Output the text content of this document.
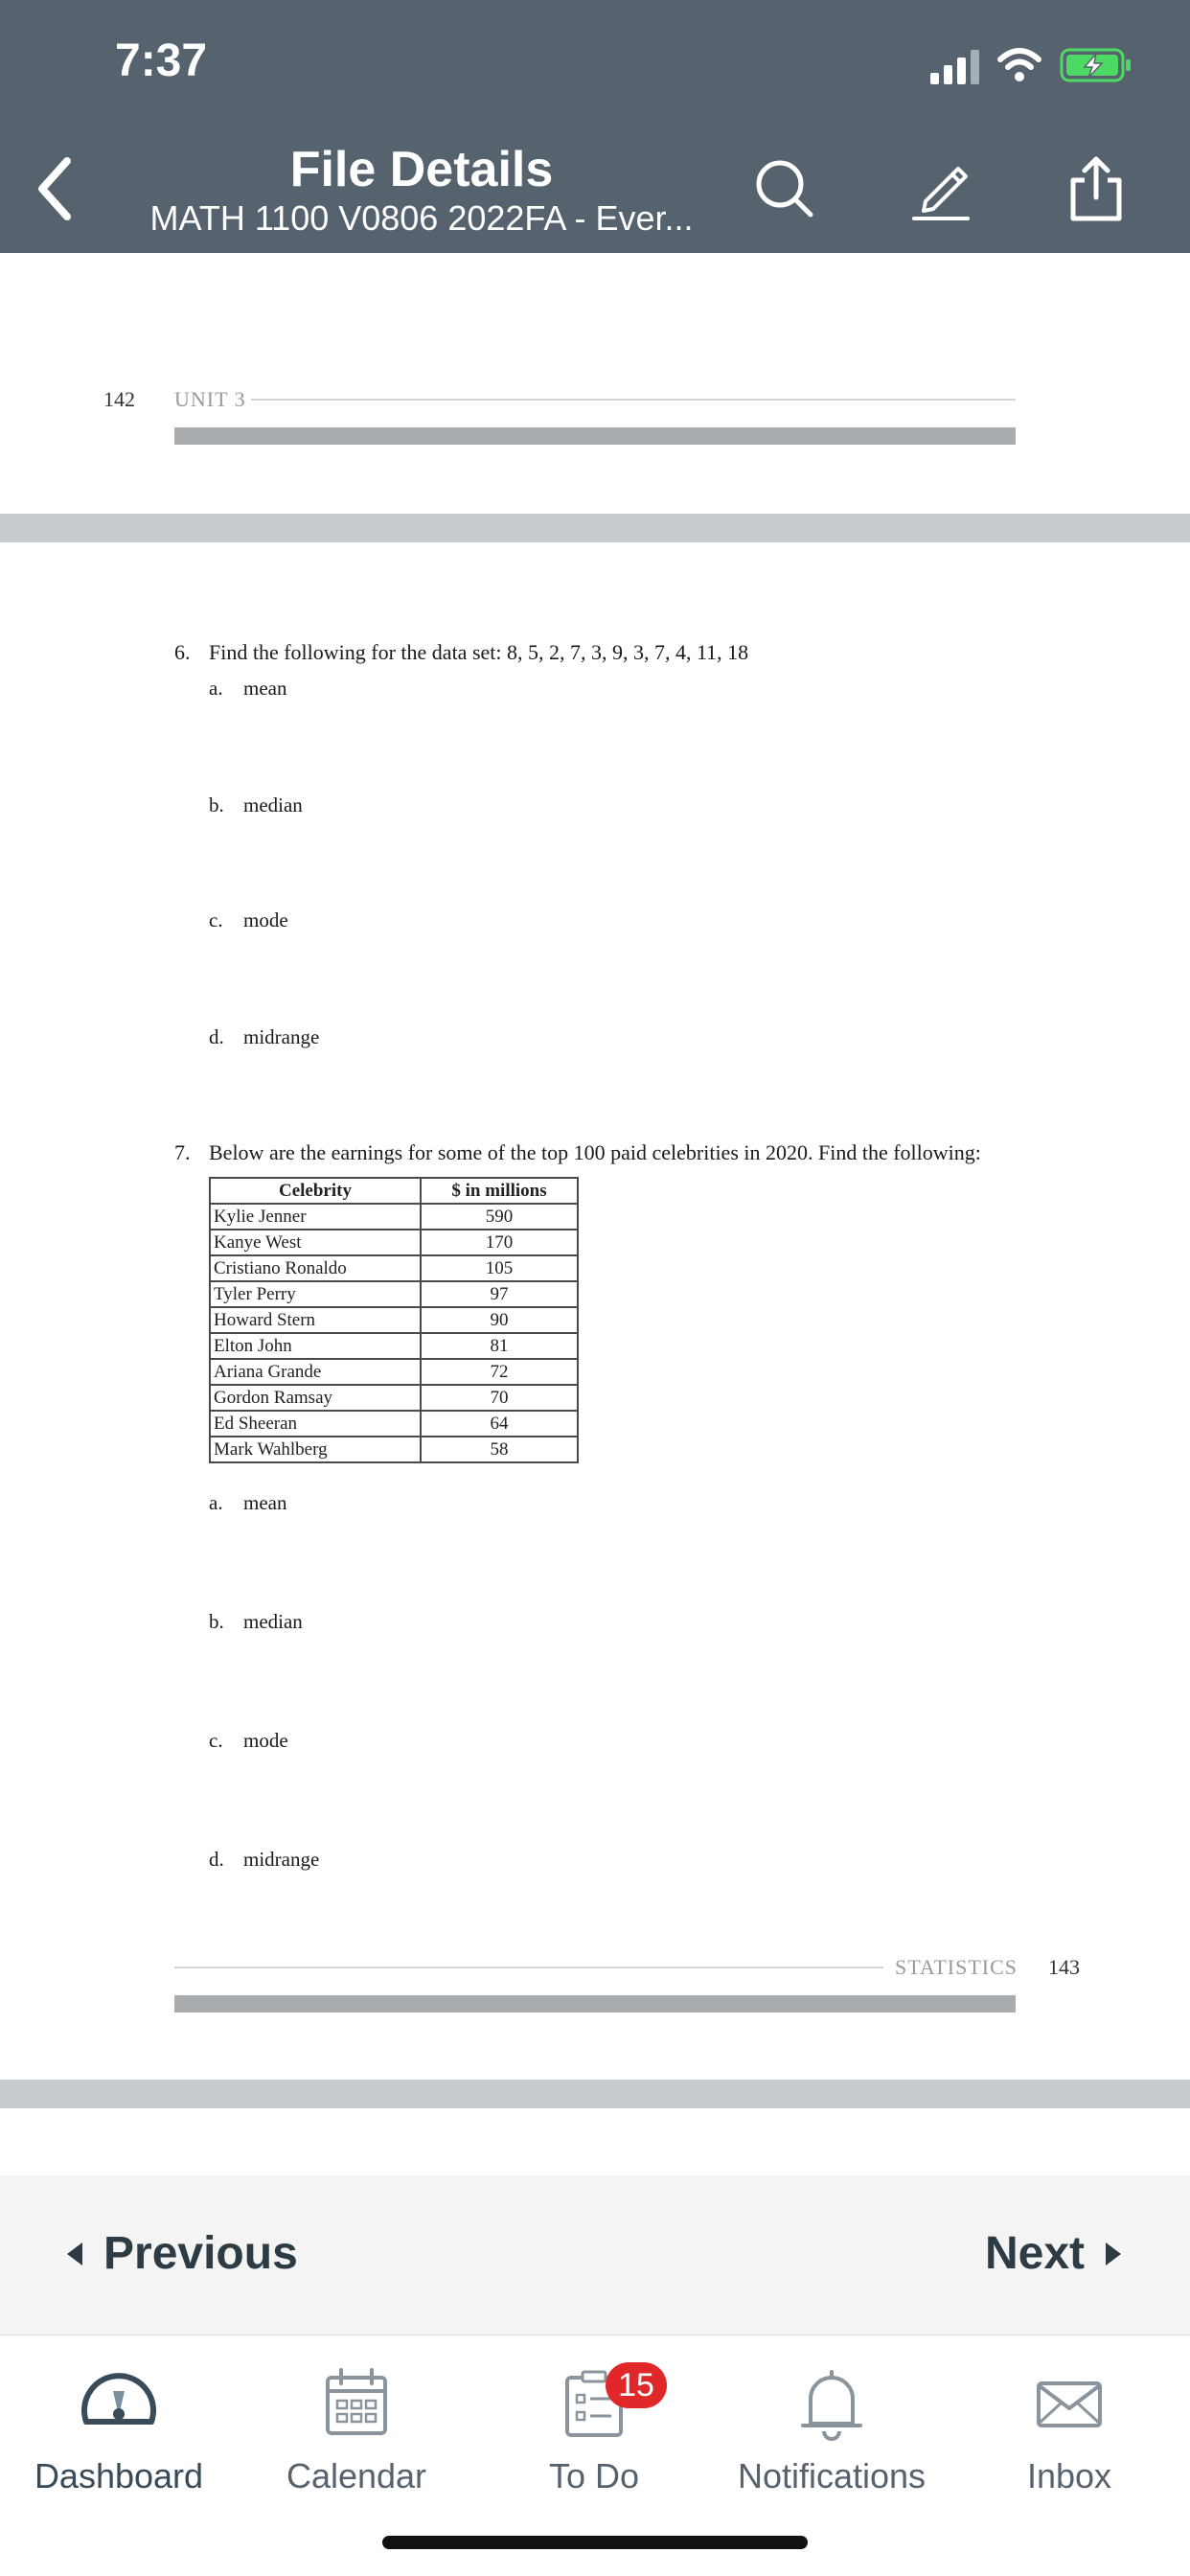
7:37
File Details
MATH 1100 V0806 2022FA - Ever...
142 UNIT 3
6. Find the following for the data set: 8, 5, 2, 7, 3, 9, 3, 7, 4, 11, 18
a. mean
b. median
c. mode
d. midrange
7. Below are the earnings for some of the top 100 paid celebrities in 2020. Find the following:
Celebrity	$ in millions
Kylie Jenner	590
Kanye West	170
Cristiano Ronaldo	105
Tyler Perry	97
Howard Stern	90
Elton John	81
Ariana Grande	72
Gordon Ramsay	70
Ed Sheeran	64
Mark Wahlberg	58
a. mean
b. median
c. mode
d. midrange
STATISTICS 143
Previous	Next
Dashboard	Calendar
15
To Do	Notifications	Inbox
